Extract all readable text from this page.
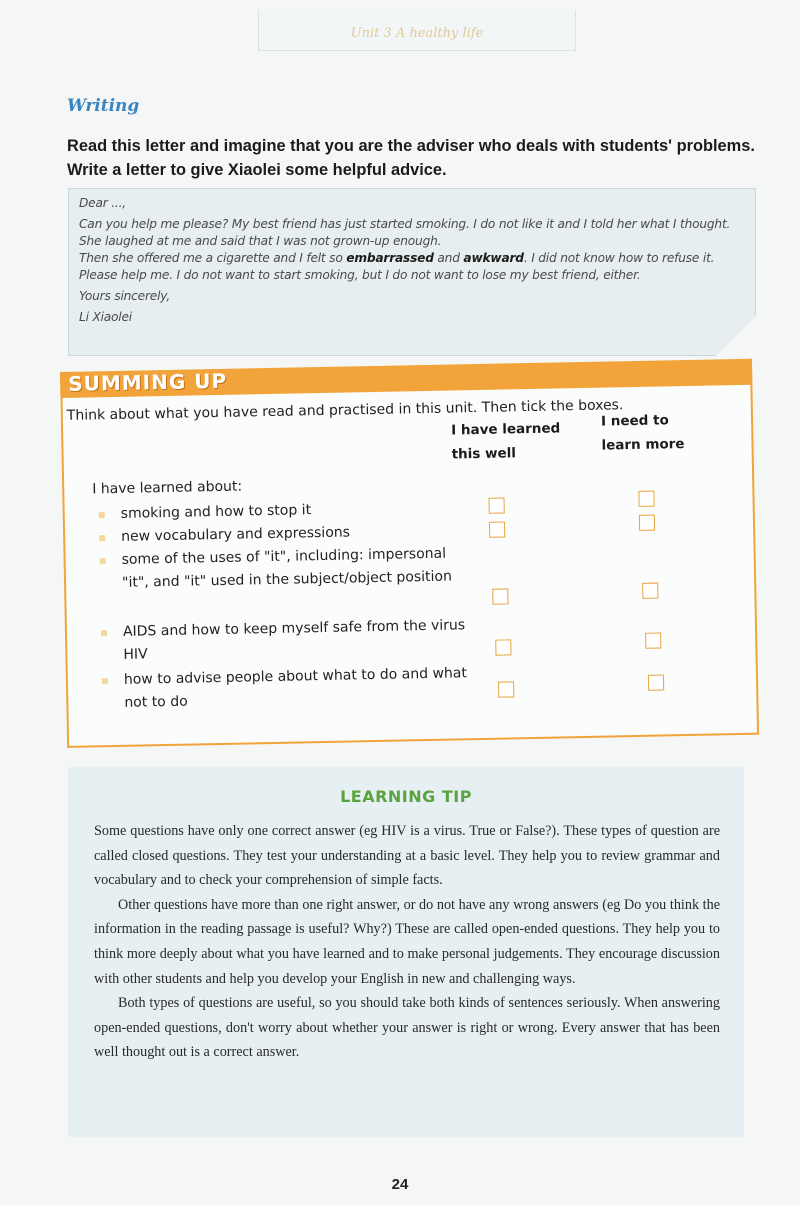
Unit 3 A healthy life
Writing
Read this letter and imagine that you are the adviser who deals with students' problems. Write a letter to give Xiaolei some helpful advice.

Dear ...,

Can you help me please? My best friend has just started smoking. I do not like it and I told her what I thought. She laughed at me and said that I was not grown-up enough.

Then she offered me a cigarette and I felt so embarrassed and awkward. I did not know how to refuse it. Please help me. I do not want to start smoking, but I do not want to lose my best friend, either.

Yours sincerely,

Li Xiaolei

SUMMING UP
Think about what you have read and practised in this unit. Then tick the boxes.
I have learned
this well
I need to
learn more
I have learned about:
smoking and how to stop it
new vocabulary and expressions
some of the uses of "it", including: impersonal "it", and "it" used in the subject/object position
AIDS and how to keep myself safe from the virus HIV
how to advise people about what to do and what not to do
LEARNING TIP

Some questions have only one correct answer (eg HIV is a virus. True or False?). These types of question are called closed questions. They test your understanding at a basic level. They help you to review grammar and vocabulary and to check your comprehension of simple facts.

Other questions have more than one right answer, or do not have any wrong answers (eg Do you think the information in the reading passage is useful? Why?) These are called open-ended questions. They help you to think more deeply about what you have learned and to make personal judgements. They encourage discussion with other students and help you develop your English in new and challenging ways.

Both types of questions are useful, so you should take both kinds of sentences seriously. When answering open-ended questions, don't worry about whether your answer is right or wrong. Every answer that has been well thought out is a correct answer.

24
